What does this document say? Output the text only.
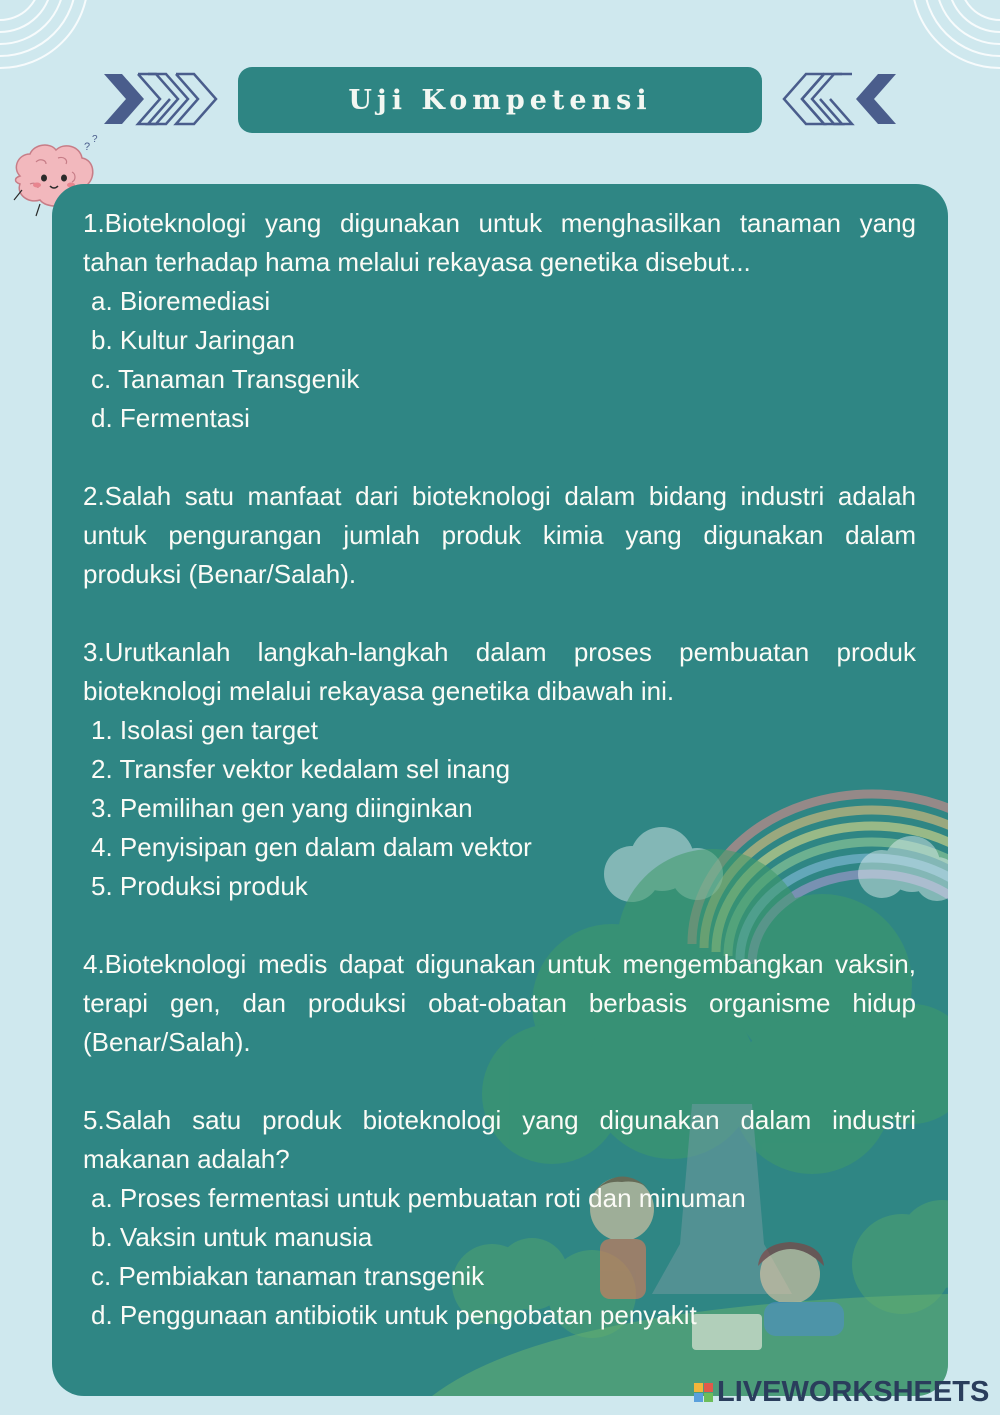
Uji Kompetensi
?
?
1.Bioteknologi yang digunakan untuk menghasilkan tanaman yang tahan terhadap hama melalui rekayasa genetika disebut...
a. Bioremediasi
b. Kultur Jaringan
c. Tanaman Transgenik
d. Fermentasi
2.Salah satu manfaat dari bioteknologi dalam bidang industri adalah untuk pengurangan jumlah produk kimia yang digunakan dalam produksi (Benar/Salah).
3.Urutkanlah langkah-langkah dalam proses pembuatan produk bioteknologi melalui rekayasa genetika dibawah ini.
1. Isolasi gen target
2. Transfer vektor kedalam sel inang
3. Pemilihan gen yang diinginkan
4. Penyisipan gen dalam dalam vektor
5. Produksi produk
4.Bioteknologi medis dapat digunakan untuk mengembangkan vaksin, terapi gen, dan produksi obat-obatan berbasis organisme hidup (Benar/Salah).
5.Salah satu produk bioteknologi yang digunakan dalam industri makanan adalah?
a. Proses fermentasi untuk pembuatan roti dan minuman
b. Vaksin untuk manusia
c. Pembiakan tanaman transgenik
d. Penggunaan antibiotik untuk pengobatan penyakit
LIVEWORKSHEETS
